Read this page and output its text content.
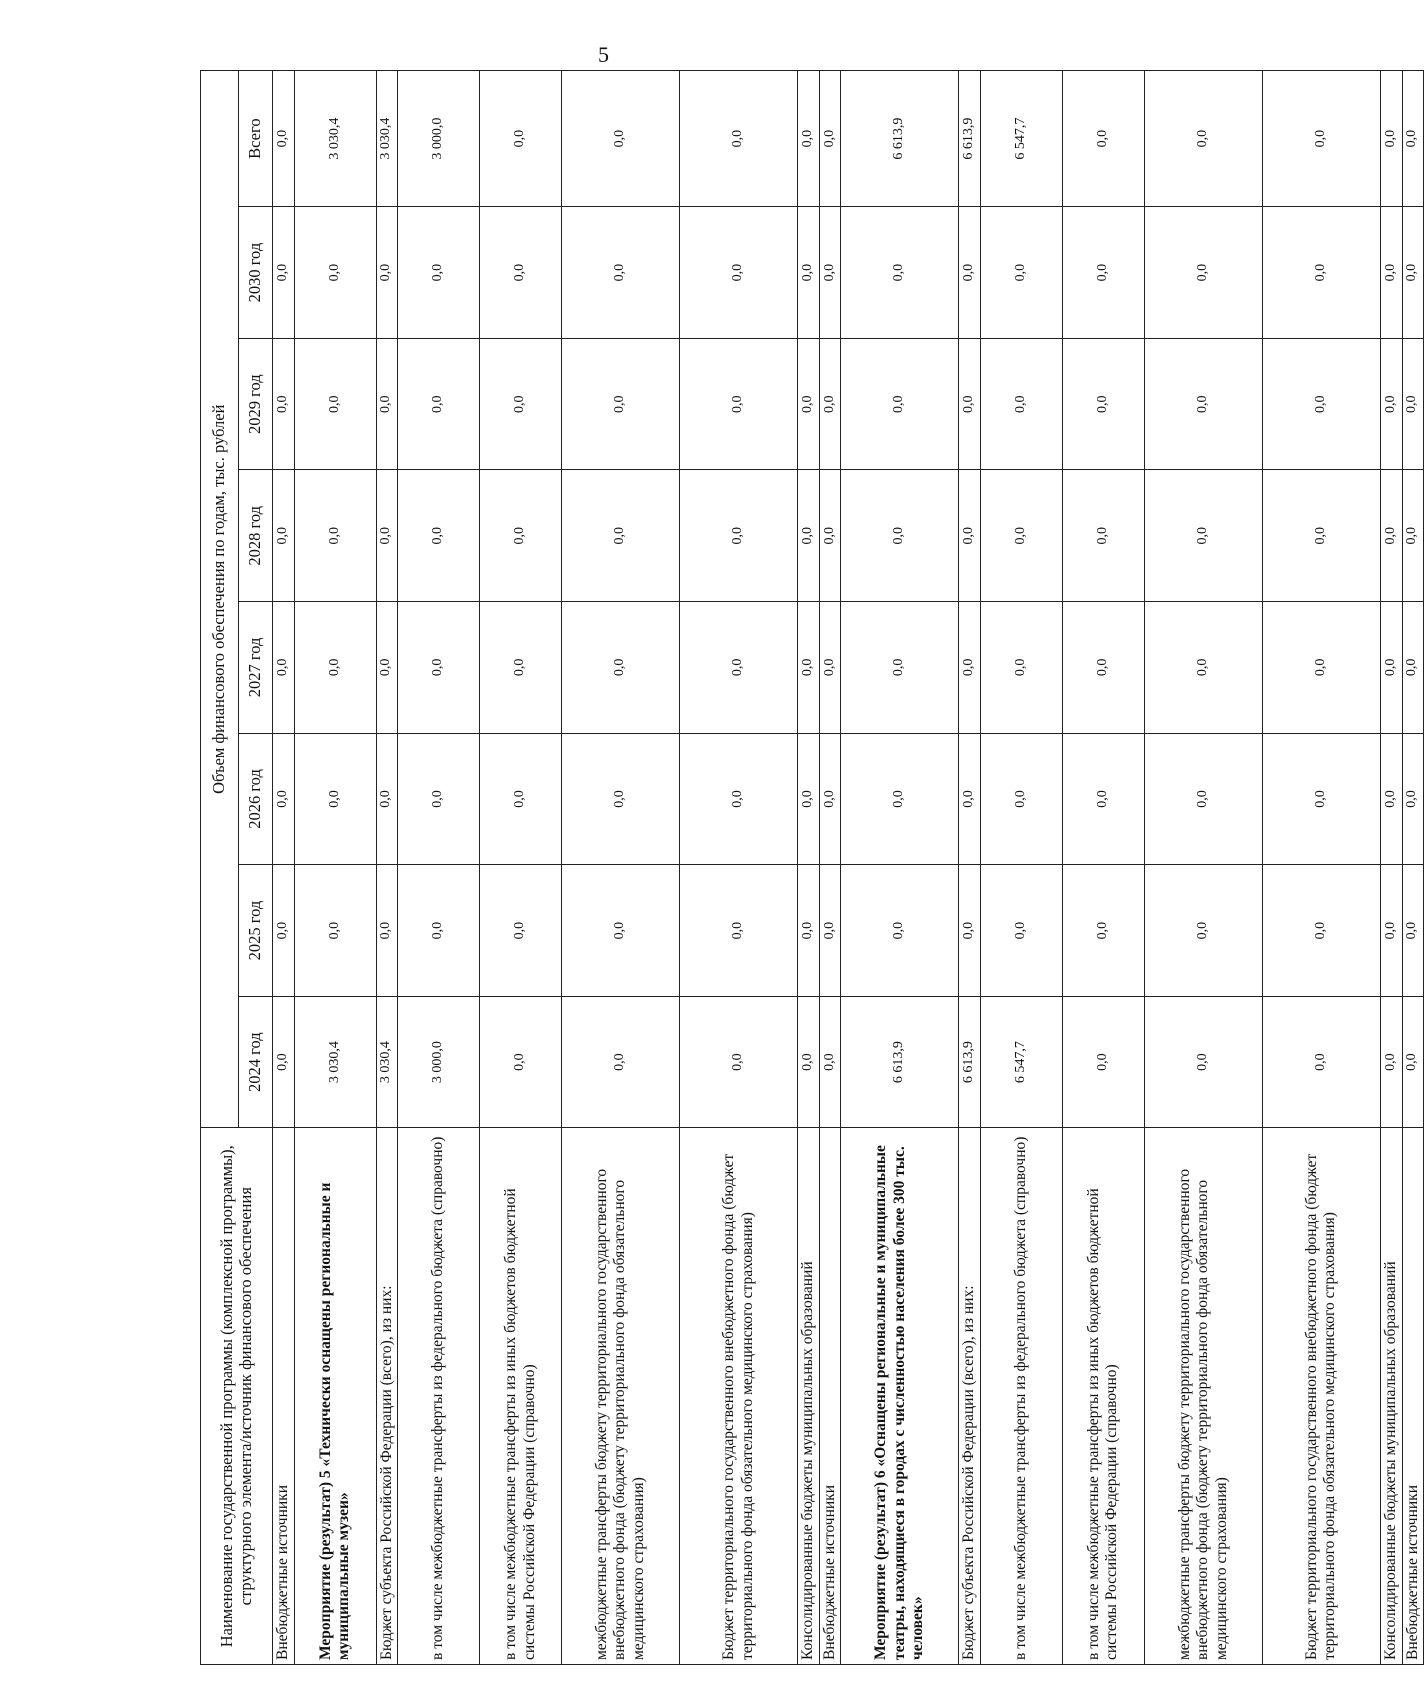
5
Наименование государственной программы (комплексной программы), структурного элемента/источник финансового обеспечения	Объем финансового обеспечения по годам, тыс. рублей							
	2024 год	2025 год	2026 год	2027 год	2028 год	2029 год	2030 год	Всего
Внебюджетные источники	0,0	0,0	0,0	0,0	0,0	0,0	0,0	0,0
Мероприятие (результат) 5 «Технически оснащены региональные и муниципальные музеи»	3 030,4	0,0	0,0	0,0	0,0	0,0	0,0	3 030,4
Бюджет субъекта Российской Федерации (всего), из них:	3 030,4	0,0	0,0	0,0	0,0	0,0	0,0	3 030,4
в том числе межбюджетные трансферты из федерального бюджета (справочно)	3 000,0	0,0	0,0	0,0	0,0	0,0	0,0	3 000,0
в том числе межбюджетные трансферты из иных бюджетов бюджетной системы Российской Федерации (справочно)	0,0	0,0	0,0	0,0	0,0	0,0	0,0	0,0
межбюджетные трансферты бюджету территориального государственного внебюджетного фонда (бюджету территориального фонда обязательного медицинского страхования)	0,0	0,0	0,0	0,0	0,0	0,0	0,0	0,0
Бюджет территориального государственного внебюджетного фонда (бюджет территориального фонда обязательного медицинского страхования)	0,0	0,0	0,0	0,0	0,0	0,0	0,0	0,0
Консолидированные бюджеты муниципальных образований	0,0	0,0	0,0	0,0	0,0	0,0	0,0	0,0
Внебюджетные источники	0,0	0,0	0,0	0,0	0,0	0,0	0,0	0,0
Мероприятие (результат) 6 «Оснащены региональные и муниципальные театры, находящиеся в городах с численностью населения более 300 тыс. человек»	6 613,9	0,0	0,0	0,0	0,0	0,0	0,0	6 613,9
Бюджет субъекта Российской Федерации (всего), из них:	6 613,9	0,0	0,0	0,0	0,0	0,0	0,0	6 613,9
в том числе межбюджетные трансферты из федерального бюджета (справочно)	6 547,7	0,0	0,0	0,0	0,0	0,0	0,0	6 547,7
в том числе межбюджетные трансферты из иных бюджетов бюджетной системы Российской Федерации (справочно)	0,0	0,0	0,0	0,0	0,0	0,0	0,0	0,0
межбюджетные трансферты бюджету территориального государственного внебюджетного фонда (бюджету территориального фонда обязательного медицинского страхования)	0,0	0,0	0,0	0,0	0,0	0,0	0,0	0,0
Бюджет территориального государственного внебюджетного фонда (бюджет территориального фонда обязательного медицинского страхования)	0,0	0,0	0,0	0,0	0,0	0,0	0,0	0,0
Консолидированные бюджеты муниципальных образований	0,0	0,0	0,0	0,0	0,0	0,0	0,0	0,0
Внебюджетные источники	0,0	0,0	0,0	0,0	0,0	0,0	0,0	0,0
